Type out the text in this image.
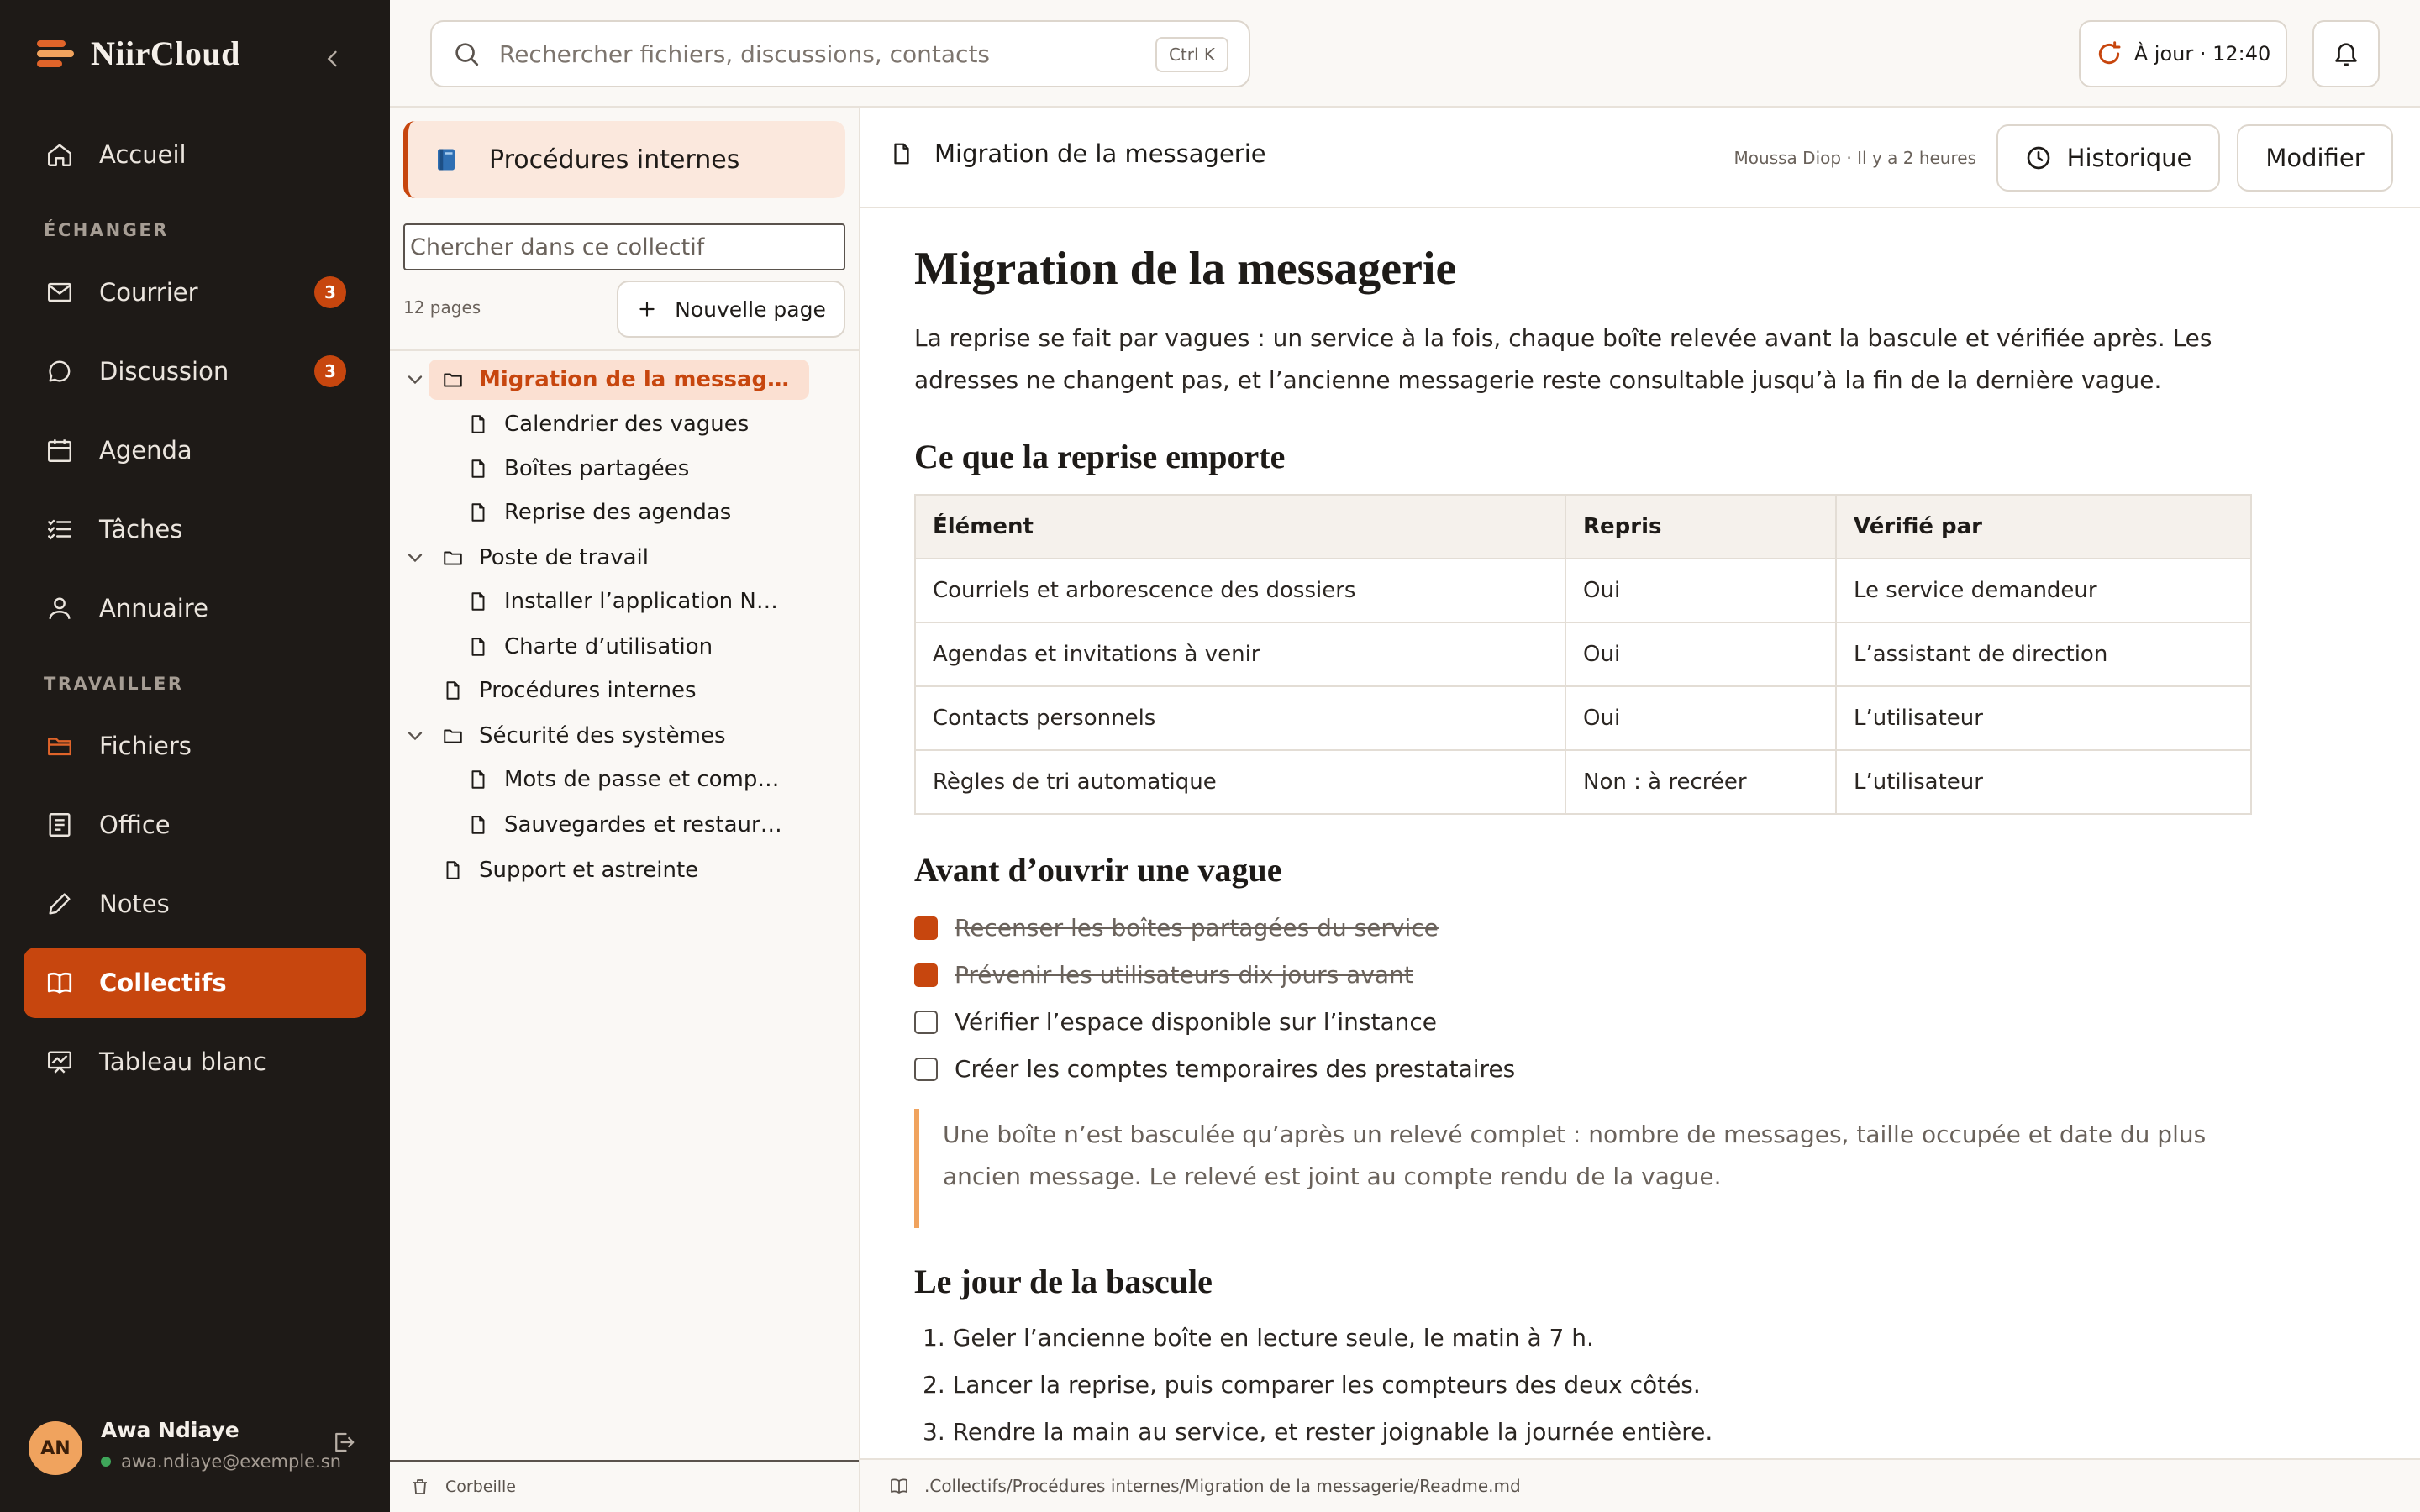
NiirCloud
Accueil
ÉCHANGER
Courrier	3
Discussion	3
Agenda
Tâches
Annuaire
TRAVAILLER
Fichiers
Office
Notes
Collectifs
Tableau blanc
AN
Awa Ndiaye
awa.ndiaye@exemple.sn
Rechercher fichiers, discussions, contacts
Ctrl K	À jour · 12:40
Procédures internes
Chercher dans ce collectif
12 pages	Nouvelle page
Migration de la messag…
Calendrier des vagues
Boîtes partagées
Reprise des agendas
Poste de travail
Installer l’application N…
Charte d’utilisation
Procédures internes
Sécurité des systèmes
Mots de passe et comp…
Sauvegardes et restaur…
Support et astreinte
Corbeille
Migration de la messagerie	Moussa Diop · Il y a 2 heures	Historique	Modifier
Migration de la messagerie
La reprise se fait par vagues : un service à la fois, chaque boîte relevée avant la bascule et vérifiée après. Les
adresses ne changent pas, et l’ancienne messagerie reste consultable jusqu’à la fin de la dernière vague.
Ce que la reprise emporte
Élément	Repris	Vérifié par
Courriels et arborescence des dossiers	Oui	Le service demandeur
Agendas et invitations à venir	Oui	L’assistant de direction
Contacts personnels	Oui	L’utilisateur
Règles de tri automatique	Non : à recréer	L’utilisateur
Avant d’ouvrir une vague
Recenser les boîtes partagées du service
Prévenir les utilisateurs dix jours avant
Vérifier l’espace disponible sur l’instance
Créer les comptes temporaires des prestataires
Une boîte n’est basculée qu’après un relevé complet : nombre de messages, taille occupée et date du plus
ancien message. Le relevé est joint au compte rendu de la vague.
Le jour de la bascule
1. Geler l’ancienne boîte en lecture seule, le matin à 7 h.
2. Lancer la reprise, puis comparer les compteurs des deux côtés.
3. Rendre la main au service, et rester joignable la journée entière.
.Collectifs/Procédures internes/Migration de la messagerie/Readme.md
